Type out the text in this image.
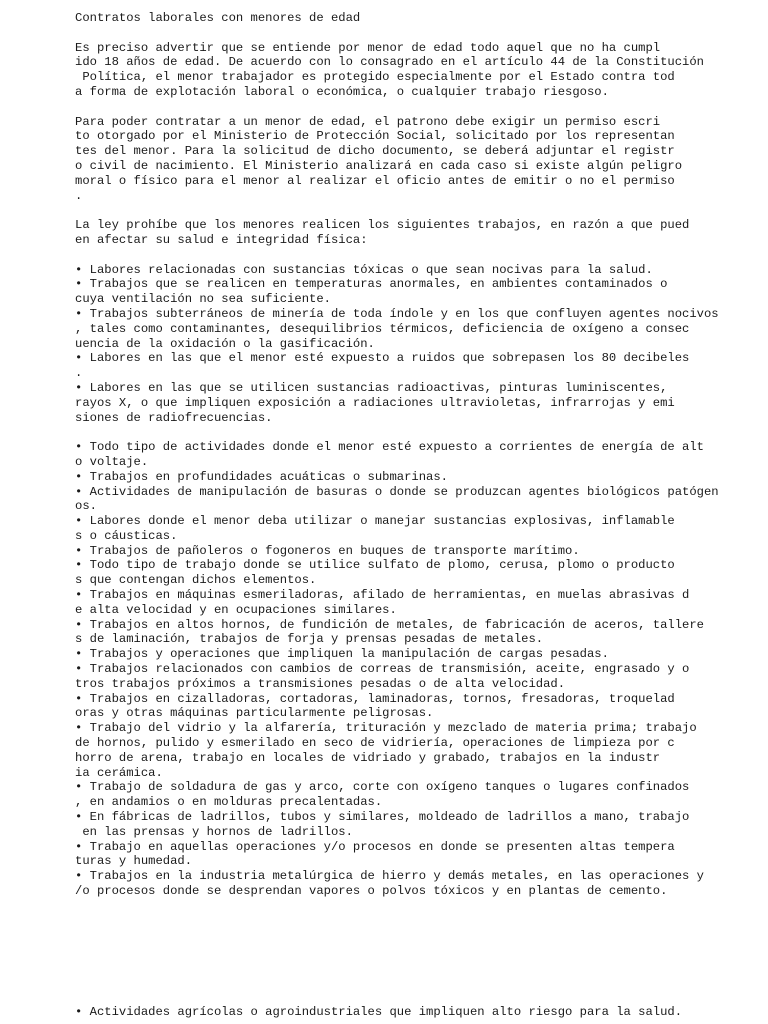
Contratos laborales con menores de edad
Es preciso advertir que se entiende por menor de edad todo aquel que no ha cumpl
ido 18 años de edad. De acuerdo con lo consagrado en el artículo 44 de la Constitución
Política, el menor trabajador es protegido especialmente por el Estado contra tod
a forma de explotación laboral o económica, o cualquier trabajo riesgoso.
Para poder contratar a un menor de edad, el patrono debe exigir un permiso escri
to otorgado por el Ministerio de Protección Social, solicitado por los representan
tes del menor. Para la solicitud de dicho documento, se deberá adjuntar el registr
o civil de nacimiento. El Ministerio analizará en cada caso si existe algún peligro
moral o físico para el menor al realizar el oficio antes de emitir o no el permiso
.
La ley prohíbe que los menores realicen los siguientes trabajos, en razón a que pued
en afectar su salud e integridad física:
• Labores relacionadas con sustancias tóxicas o que sean nocivas para la salud.
• Trabajos que se realicen en temperaturas anormales, en ambientes contaminados o
cuya ventilación no sea suficiente.
• Trabajos subterráneos de minería de toda índole y en los que confluyen agentes nocivos
, tales como contaminantes, desequilibrios térmicos, deficiencia de oxígeno a consec
uencia de la oxidación o la gasificación.
• Labores en las que el menor esté expuesto a ruidos que sobrepasen los 80 decibeles
.
• Labores en las que se utilicen sustancias radioactivas, pinturas luminiscentes,
rayos X, o que impliquen exposición a radiaciones ultravioletas, infrarrojas y emi
siones de radiofrecuencias.
• Todo tipo de actividades donde el menor esté expuesto a corrientes de energía de alt
o voltaje.
• Trabajos en profundidades acuáticas o submarinas.
• Actividades de manipulación de basuras o donde se produzcan agentes biológicos patógen
os.
• Labores donde el menor deba utilizar o manejar sustancias explosivas, inflamable
s o cáusticas.
• Trabajos de pañoleros o fogoneros en buques de transporte marítimo.
• Todo tipo de trabajo donde se utilice sulfato de plomo, cerusa, plomo o producto
s que contengan dichos elementos.
• Trabajos en máquinas esmeriladoras, afilado de herramientas, en muelas abrasivas d
e alta velocidad y en ocupaciones similares.
• Trabajos en altos hornos, de fundición de metales, de fabricación de aceros, tallere
s de laminación, trabajos de forja y prensas pesadas de metales.
• Trabajos y operaciones que impliquen la manipulación de cargas pesadas.
• Trabajos relacionados con cambios de correas de transmisión, aceite, engrasado y o
tros trabajos próximos a transmisiones pesadas o de alta velocidad.
• Trabajos en cizalladoras, cortadoras, laminadoras, tornos, fresadoras, troquelad
oras y otras máquinas particularmente peligrosas.
• Trabajo del vidrio y la alfarería, trituración y mezclado de materia prima; trabajo
de hornos, pulido y esmerilado en seco de vidriería, operaciones de limpieza por c
horro de arena, trabajo en locales de vidriado y grabado, trabajos en la industr
ia cerámica.
• Trabajo de soldadura de gas y arco, corte con oxígeno tanques o lugares confinados
, en andamios o en molduras precalentadas.
• En fábricas de ladrillos, tubos y similares, moldeado de ladrillos a mano, trabajo
en las prensas y hornos de ladrillos.
• Trabajo en aquellas operaciones y/o procesos en donde se presenten altas tempera
turas y humedad.
• Trabajos en la industria metalúrgica de hierro y demás metales, en las operaciones y
/o procesos donde se desprendan vapores o polvos tóxicos y en plantas de cemento.
• Actividades agrícolas o agroindustriales que impliquen alto riesgo para la salud.
